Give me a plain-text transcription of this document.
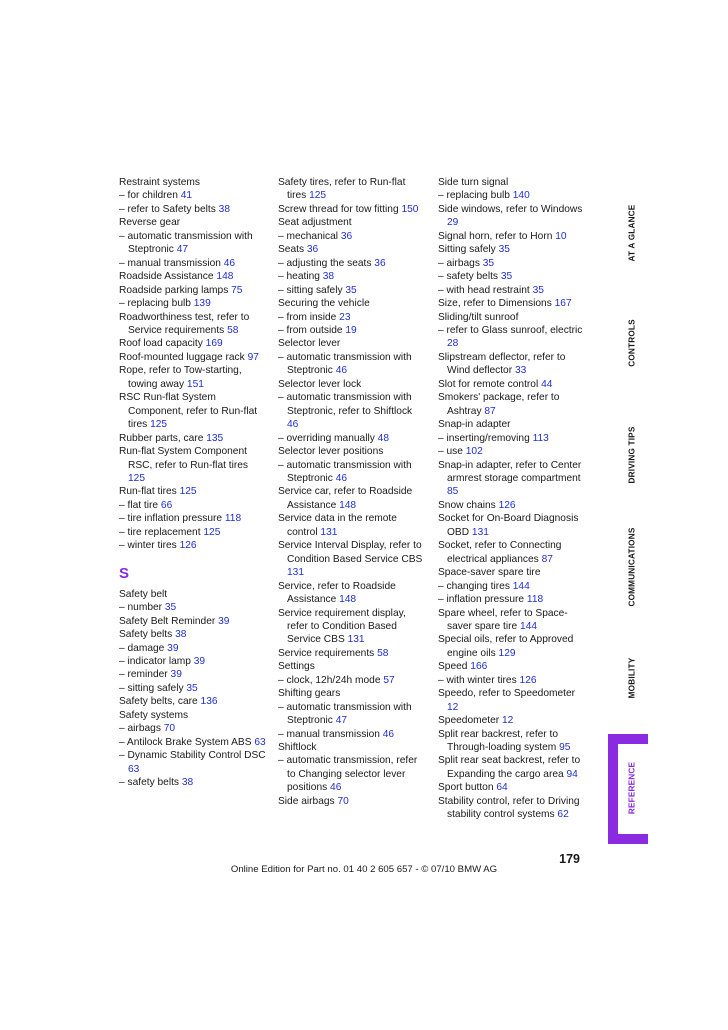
Restraint systems
– for children 41
– refer to Safety belts 38
Reverse gear
– automatic transmission with Steptronic 47
– manual transmission 46
Roadside Assistance 148
Roadside parking lamps 75
– replacing bulb 139
Roadworthiness test, refer to Service requirements 58
Roof load capacity 169
Roof-mounted luggage rack 97
Rope, refer to Tow-starting, towing away 151
RSC Run-flat System Component, refer to Run-flat tires 125
Rubber parts, care 135
Run-flat System Component RSC, refer to Run-flat tires 125
Run-flat tires 125
– flat tire 66
– tire inflation pressure 118
– tire replacement 125
– winter tires 126
S
Safety belt
– number 35
Safety Belt Reminder 39
Safety belts 38
– damage 39
– indicator lamp 39
– reminder 39
– sitting safely 35
Safety belts, care 136
Safety systems
– airbags 70
– Antilock Brake System ABS 63
– Dynamic Stability Control DSC 63
– safety belts 38
Safety tires, refer to Run-flat tires 125
Screw thread for tow fitting 150
Seat adjustment
– mechanical 36
Seats 36
– adjusting the seats 36
– heating 38
– sitting safely 35
Securing the vehicle
– from inside 23
– from outside 19
Selector lever
– automatic transmission with Steptronic 46
Selector lever lock
– automatic transmission with Steptronic, refer to Shiftlock 46
– overriding manually 48
Selector lever positions
– automatic transmission with Steptronic 46
Service car, refer to Roadside Assistance 148
Service data in the remote control 131
Service Interval Display, refer to Condition Based Service CBS 131
Service, refer to Roadside Assistance 148
Service requirement display, refer to Condition Based Service CBS 131
Service requirements 58
Settings
– clock, 12h/24h mode 57
Shifting gears
– automatic transmission with Steptronic 47
– manual transmission 46
Shiftlock
– automatic transmission, refer to Changing selector lever positions 46
Side airbags 70
Side turn signal
– replacing bulb 140
Side windows, refer to Windows 29
Signal horn, refer to Horn 10
Sitting safely 35
– airbags 35
– safety belts 35
– with head restraint 35
Size, refer to Dimensions 167
Sliding/tilt sunroof
– refer to Glass sunroof, electric 28
Slipstream deflector, refer to Wind deflector 33
Slot for remote control 44
Smokers' package, refer to Ashtray 87
Snap-in adapter
– inserting/removing 113
– use 102
Snap-in adapter, refer to Center armrest storage compartment 85
Snow chains 126
Socket for On-Board Diagnosis OBD 131
Socket, refer to Connecting electrical appliances 87
Space-saver spare tire
– changing tires 144
– inflation pressure 118
Spare wheel, refer to Space-saver spare tire 144
Special oils, refer to Approved engine oils 129
Speed 166
– with winter tires 126
Speedo, refer to Speedometer 12
Speedometer 12
Split rear backrest, refer to Through-loading system 95
Split rear seat backrest, refer to Expanding the cargo area 94
Sport button 64
Stability control, refer to Driving stability control systems 62
AT A GLANCE
CONTROLS
DRIVING TIPS
COMMUNICATIONS
MOBILITY
REFERENCE
179
Online Edition for Part no. 01 40 2 605 657 - © 07/10 BMW AG
